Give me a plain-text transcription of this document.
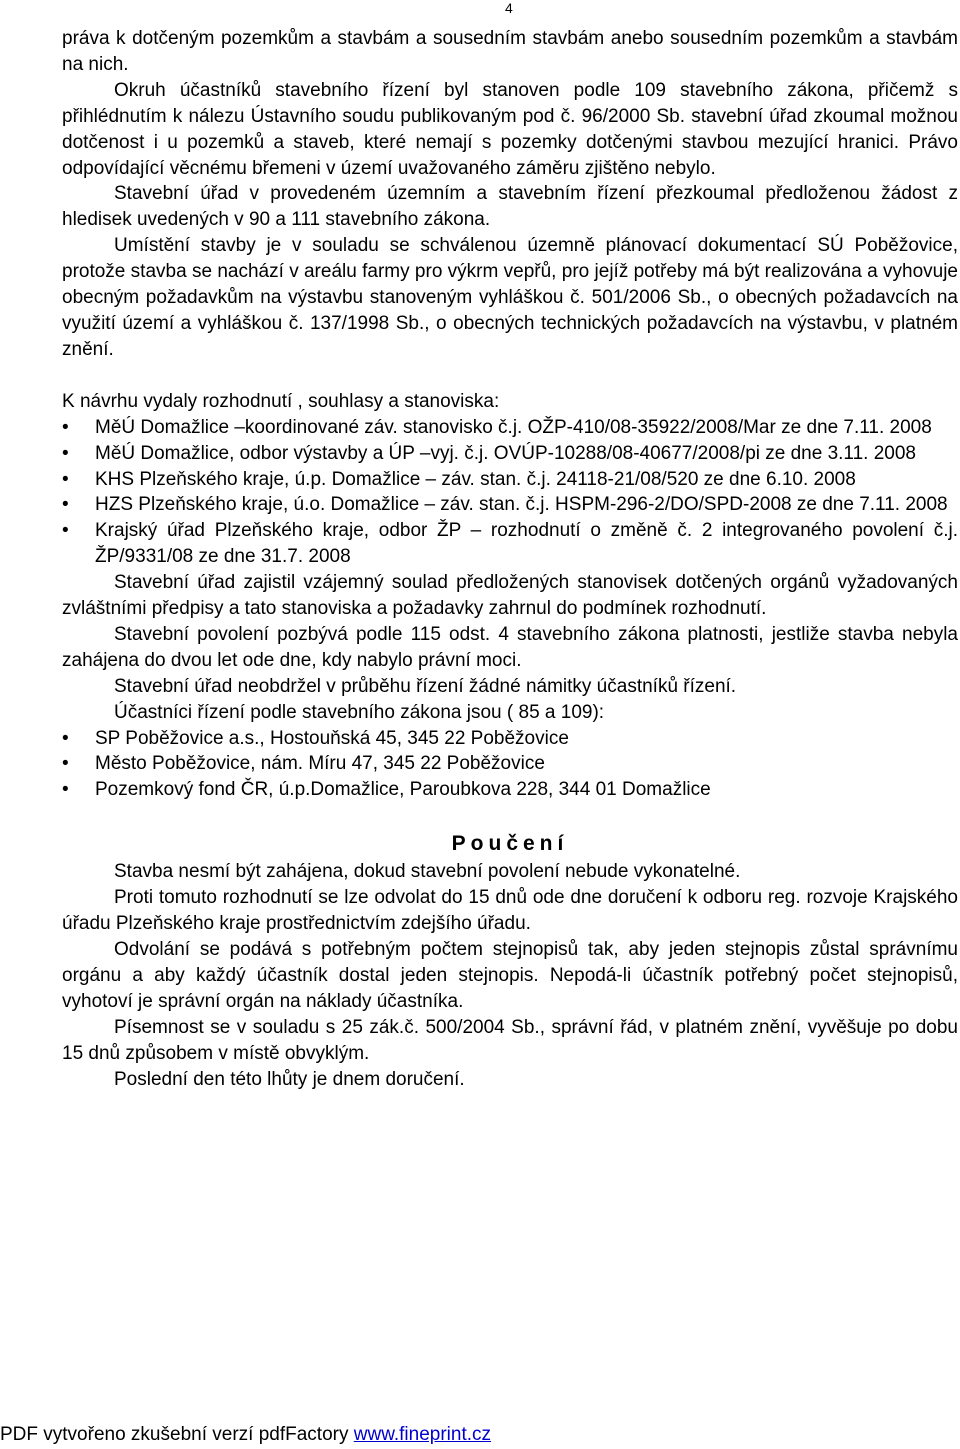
4

práva k dotčeným pozemkům a stavbám a sousedním stavbám anebo sousedním pozemkům a stavbám na nich.

Okruh účastníků stavebního řízení byl stanoven podle 109 stavebního zákona, přičemž s přihlédnutím k nálezu Ústavního soudu publikovaným pod č. 96/2000 Sb. stavební úřad zkoumal možnou dotčenost i u pozemků a staveb, které nemají s pozemky dotčenými stavbou mezující hranici. Právo odpovídající věcnému břemeni v území uvažovaného záměru zjištěno nebylo.

Stavební úřad v provedeném územním a stavebním řízení přezkoumal předloženou žádost z hledisek uvedených v 90 a 111 stavebního zákona.

Umístění stavby je v souladu se schválenou územně plánovací dokumentací SÚ Poběžovice, protože stavba se nachází v areálu farmy pro výkrm vepřů, pro jejíž potřeby má být realizována a vyhovuje obecným požadavkům na výstavbu stanoveným vyhláškou č. 501/2006 Sb., o obecných požadavcích na využití území a vyhláškou č. 137/1998 Sb., o obecných technických požadavcích na výstavbu, v platném znění.

K návrhu vydaly rozhodnutí , souhlasy a stanoviska:

• MěÚ Domažlice –koordinované záv. stanovisko č.j. OŽP-410/08-35922/2008/Mar ze dne 7.11. 2008
• MěÚ Domažlice, odbor výstavby a ÚP –vyj. č.j. OVÚP-10288/08-40677/2008/pi ze dne 3.11. 2008
• KHS Plzeňského kraje, ú.p. Domažlice – záv. stan. č.j. 24118-21/08/520 ze dne 6.10. 2008
• HZS Plzeňského kraje, ú.o. Domažlice – záv. stan. č.j. HSPM-296-2/DO/SPD-2008 ze dne 7.11. 2008
• Krajský úřad Plzeňského kraje, odbor ŽP – rozhodnutí o změně č. 2 integrovaného povolení č.j. ŽP/9331/08 ze dne 31.7. 2008

Stavební úřad zajistil vzájemný soulad předložených stanovisek dotčených orgánů vyžadovaných zvláštními předpisy a tato stanoviska a požadavky zahrnul do podmínek rozhodnutí.

Stavební povolení pozbývá podle 115 odst. 4 stavebního zákona platnosti, jestliže stavba nebyla zahájena do dvou let ode dne, kdy nabylo právní moci.

Stavební úřad neobdržel v průběhu řízení žádné námitky účastníků řízení.

Účastníci řízení podle stavebního zákona jsou ( 85 a 109):

• SP Poběžovice a.s., Hostouňská 45, 345 22 Poběžovice
• Město Poběžovice, nám. Míru 47, 345 22 Poběžovice
• Pozemkový fond ČR, ú.p.Domažlice, Paroubkova 228, 344 01 Domažlice
Poučení

Stavba nesmí být zahájena, dokud stavební povolení nebude vykonatelné.

Proti tomuto rozhodnutí se lze odvolat do 15 dnů ode dne doručení k odboru reg. rozvoje Krajského úřadu Plzeňského kraje prostřednictvím zdejšího úřadu.

Odvolání se podává s potřebným počtem stejnopisů tak, aby jeden stejnopis zůstal správnímu orgánu a aby každý účastník dostal jeden stejnopis. Nepodá-li účastník potřebný počet stejnopisů, vyhotoví je správní orgán na náklady účastníka.

Písemnost se v souladu s 25 zák.č. 500/2004 Sb., správní řád, v platném znění, vyvěšuje po dobu 15 dnů způsobem v místě obvyklým.

Poslední den této lhůty je dnem doručení.

PDF vytvořeno zkušební verzí pdfFactory www.fineprint.cz
